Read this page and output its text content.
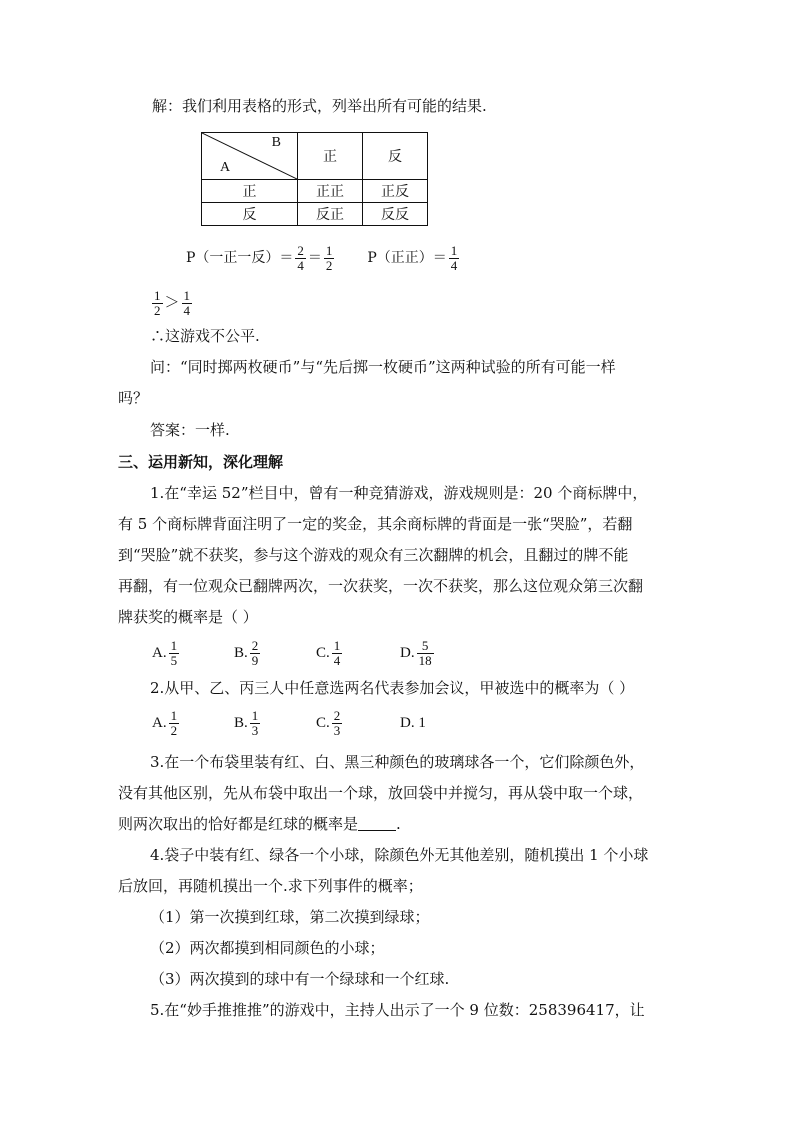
解：我们利用表格的形式，列举出所有可能的结果.
B
A	正	反
正	正正	正反
反	反正	反反
P（一正一反）＝ $\frac{2}{4} = \frac{1}{2} P$（正正）＝ $\frac{1}{4}$
$\frac{1}{2} > \frac{1}{4}$
∴这游戏不公平.
问：“同时掷两枚硬币”与“先后掷一枚硬币”这两种试验的所有可能一样
吗？
答案：一样.
三、运用新知，深化理解
1.在“幸运 52”栏目中，曾有一种竞猜游戏，游戏规则是：20 个商标牌中，
有 5 个商标牌背面注明了一定的奖金，其余商标牌的背面是一张“哭脸”，若翻
到“哭脸”就不获奖，参与这个游戏的观众有三次翻牌的机会，且翻过的牌不能
再翻，有一位观众已翻牌两次，一次获奖，一次不获奖，那么这位观众第三次翻
牌获奖的概率是（ ）
A. $\frac{1}{5}$	B. $\frac{2}{9}$	C. $\frac{1}{4}$	D. $\frac{5}{18}$
2.从甲、乙、丙三人中任意选两名代表参加会议，甲被选中的概率为（ ）
A. $\frac{1}{2}$	B. $\frac{1}{3}$	C. $\frac{2}{3}$	D. 1
3.在一个布袋里装有红、白、黑三种颜色的玻璃球各一个，它们除颜色外，
没有其他区别，先从布袋中取出一个球，放回袋中并搅匀，再从袋中取一个球，
则两次取出的恰好都是红球的概率是	.
4.袋子中装有红、绿各一个小球，除颜色外无其他差别，随机摸出 1 个小球
后放回，再随机摸出一个.求下列事件的概率；
（1）第一次摸到红球，第二次摸到绿球；
（2）两次都摸到相同颜色的小球；
（3）两次摸到的球中有一个绿球和一个红球.
5.在“妙手推推推”的游戏中，主持人出示了一个 9 位数：258396417，让
